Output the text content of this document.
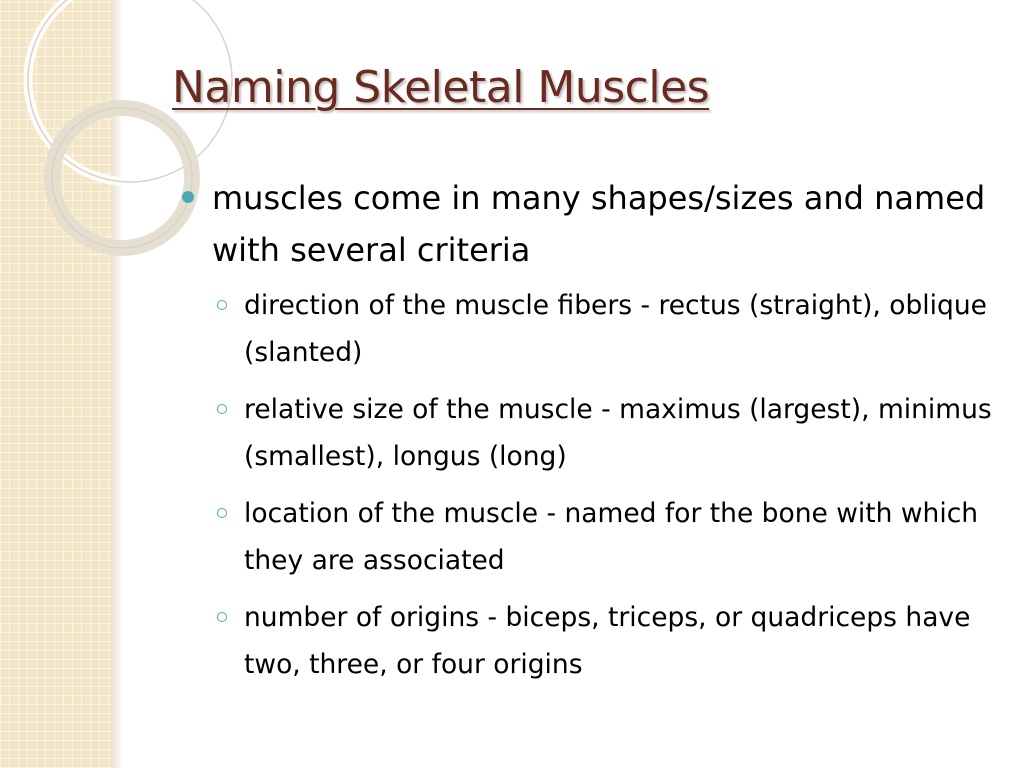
Naming Skeletal Muscles
muscles come in many shapes/sizes and named with several criteria
direction of the muscle fibers - rectus (straight), oblique (slanted)
relative size of the muscle - maximus (largest), minimus (smallest), longus (long)
location of the muscle - named for the bone with which they are associated
number of origins - biceps, triceps, or quadriceps have two, three, or four origins
